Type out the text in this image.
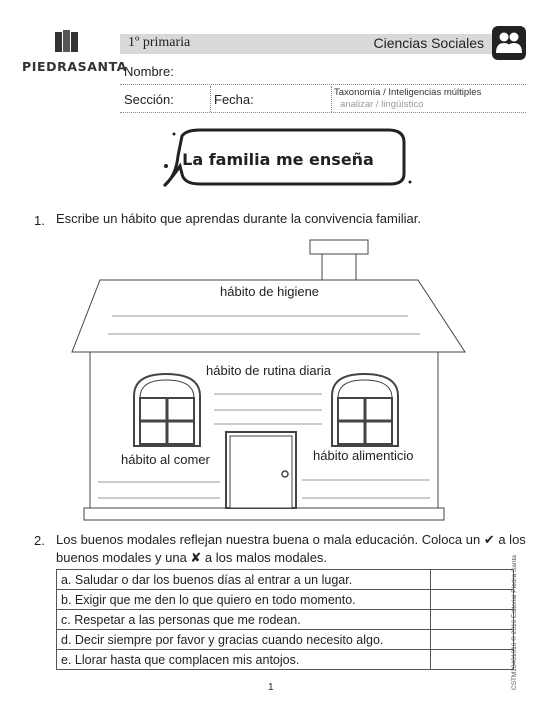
PIEDRASANTA
1º primaria	Ciencias Sociales
Nombre:
Sección:	Fecha:	Taxonomía / Inteligencias múltiples
analizar / lingüístico
La familia me enseña
1. Escribe un hábito que aprendas durante la convivencia familiar.
hábito de higiene
hábito de rutina diaria
hábito al comer	hábito alimenticio
2. Los buenos modales reflejan nuestra buena o mala educación. Coloca un ✔ a los
buenos modales y una ✘ a los malos modales.
a. Saludar o dar los buenos días al entrar a un lugar.	
b. Exigir que me den lo que quiero en todo momento.	
c. Respetar a las personas que me rodean.	
d. Decir siempre por favor y gracias cuando necesito algo.	
e. Llorar hasta que complacen mis antojos.		CSTM20401016 ® 2016 Editorial Piedra Santa
1
